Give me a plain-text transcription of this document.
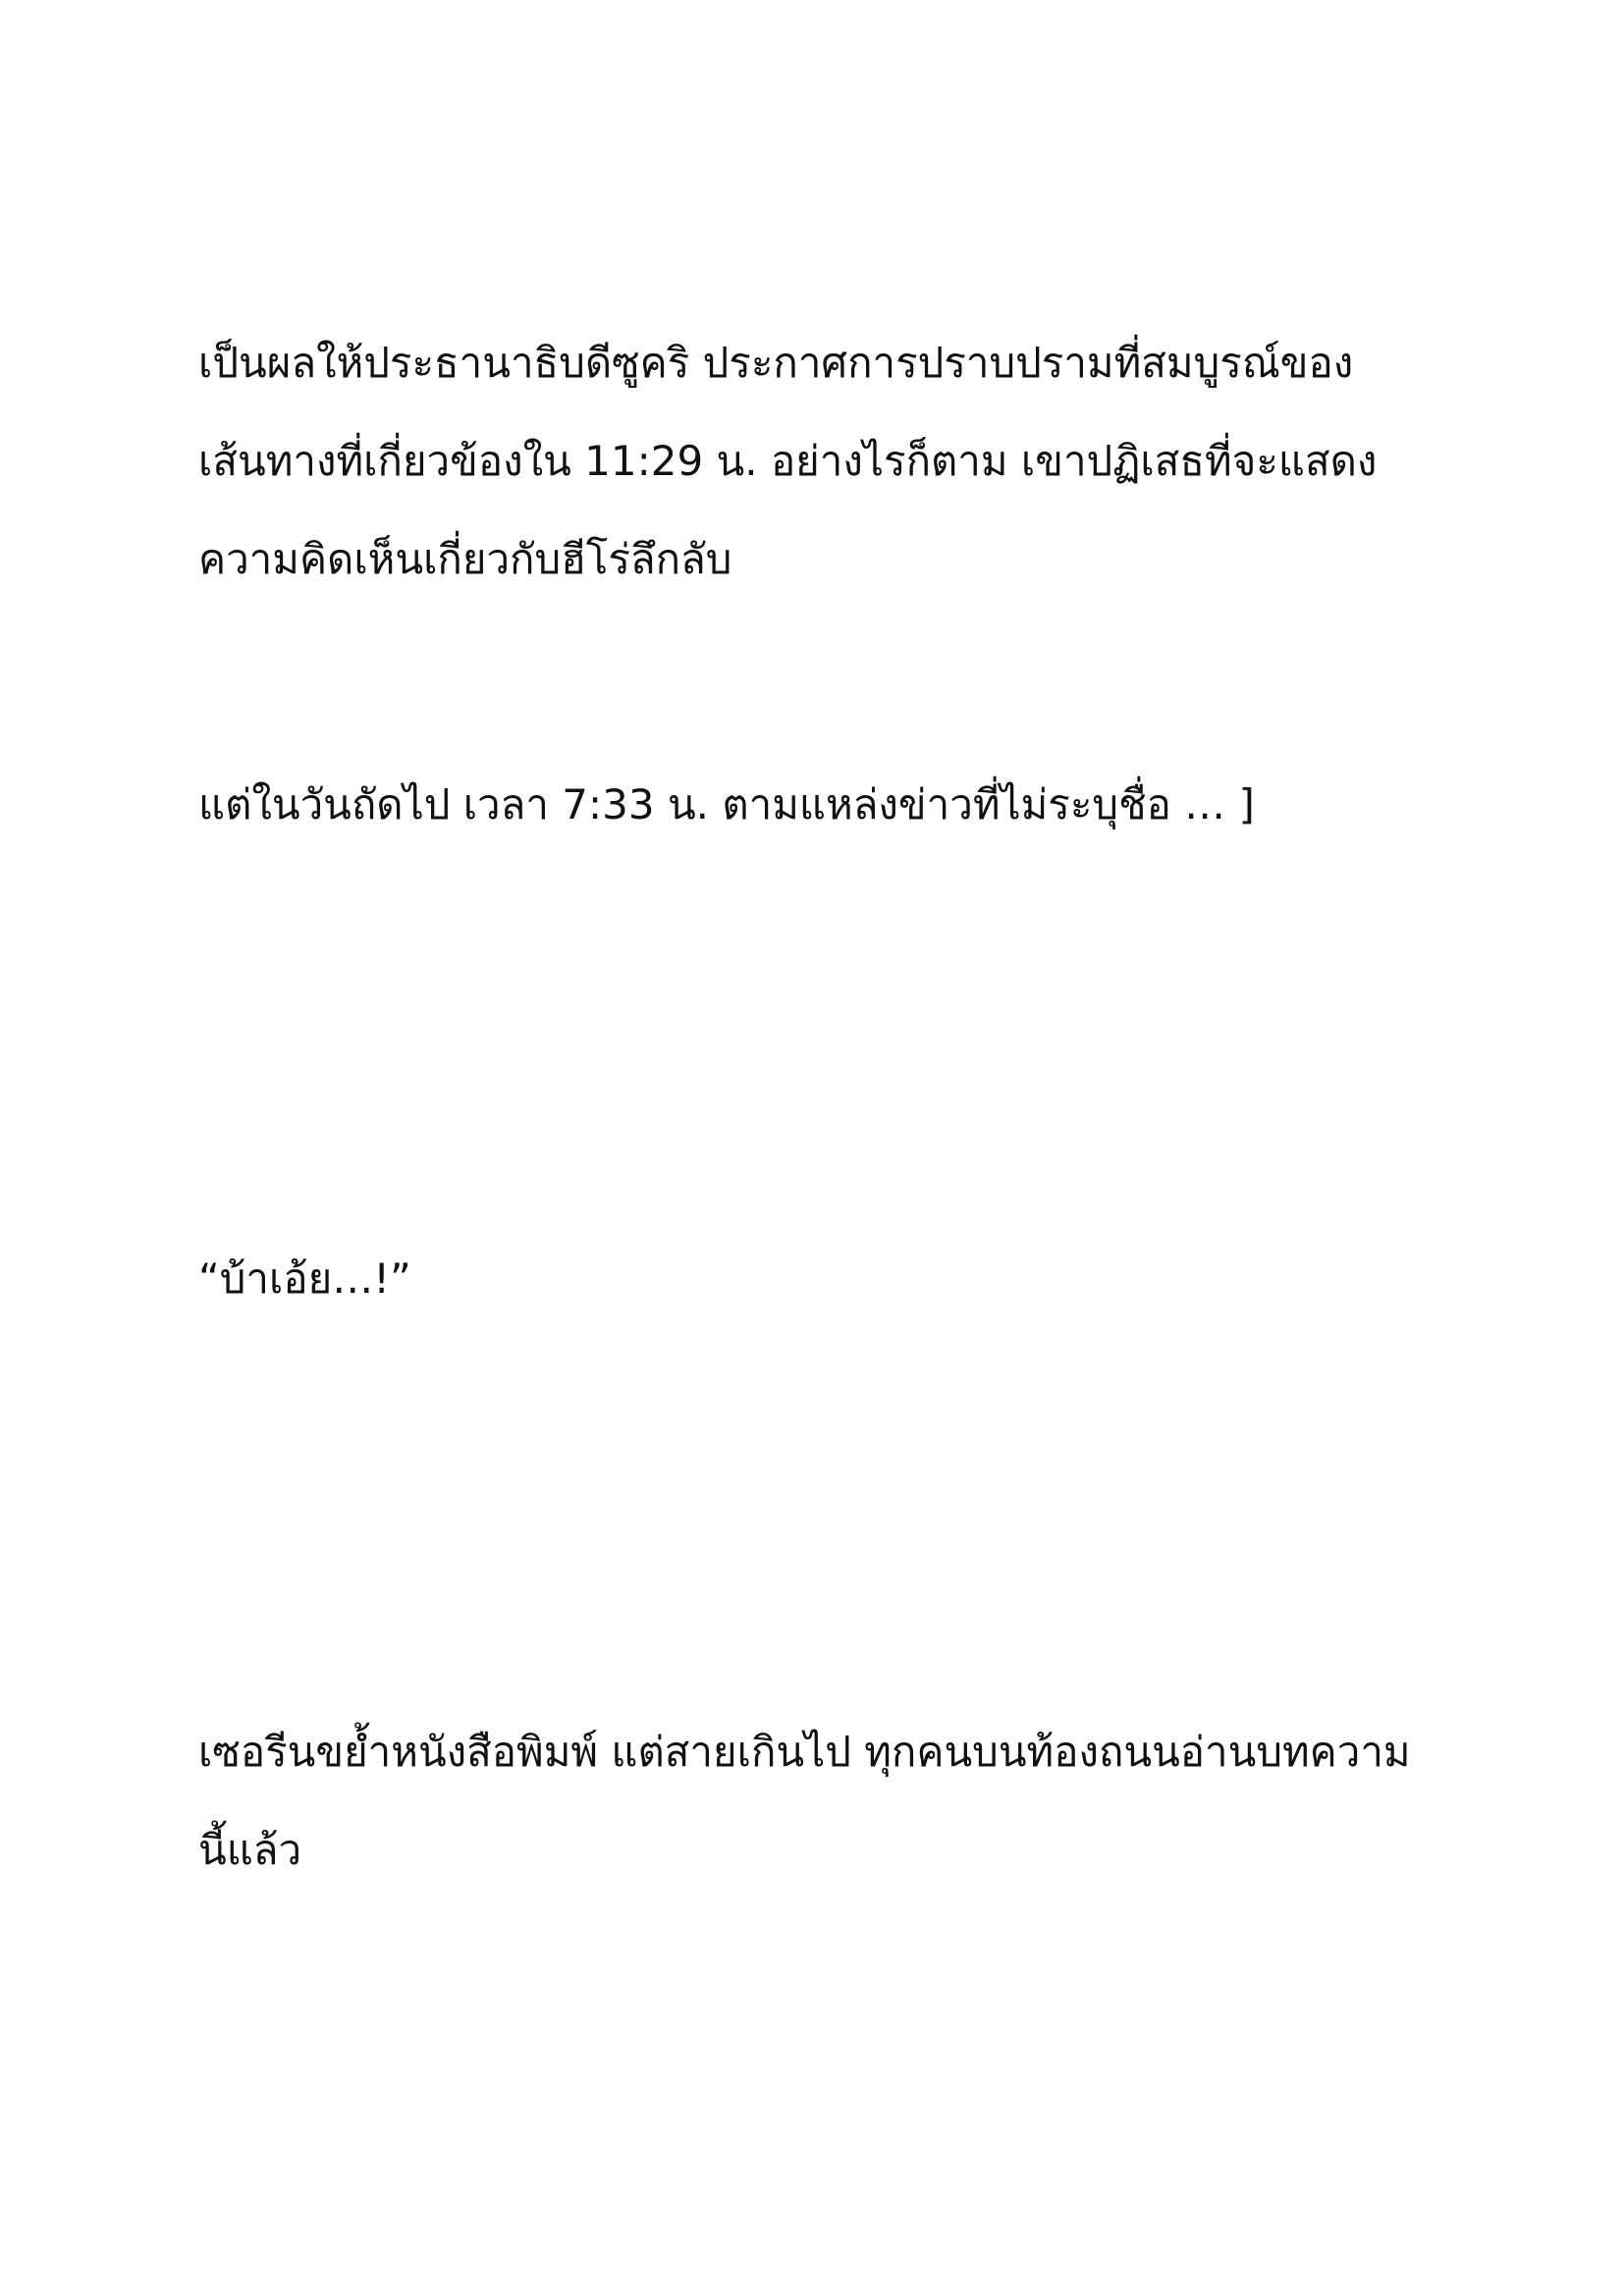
เป็นผลให้ประธานาธิบดีซูคริ ประกาศการปราบปรามที่สมบูรณ์ของ
เส้นทางที่เกี่ยวข้องใน 11:29 น. อย่างไรก็ตาม เขาปฏิเสธที่จะแสดง
ความคิดเห็นเกี่ยวกับฮีโร่ลึกลับ

แต่ในวันถัดไป เวลา 7:33 น. ตามแหล่งข่าวที่ไม่ระบุชื่อ … ]

“บ้าเอ้ย…!”

เซอรีนขย้ำหนังสือพิมพ์ แต่สายเกินไป ทุกคนบนท้องถนนอ่านบทความ
นี้แล้ว
